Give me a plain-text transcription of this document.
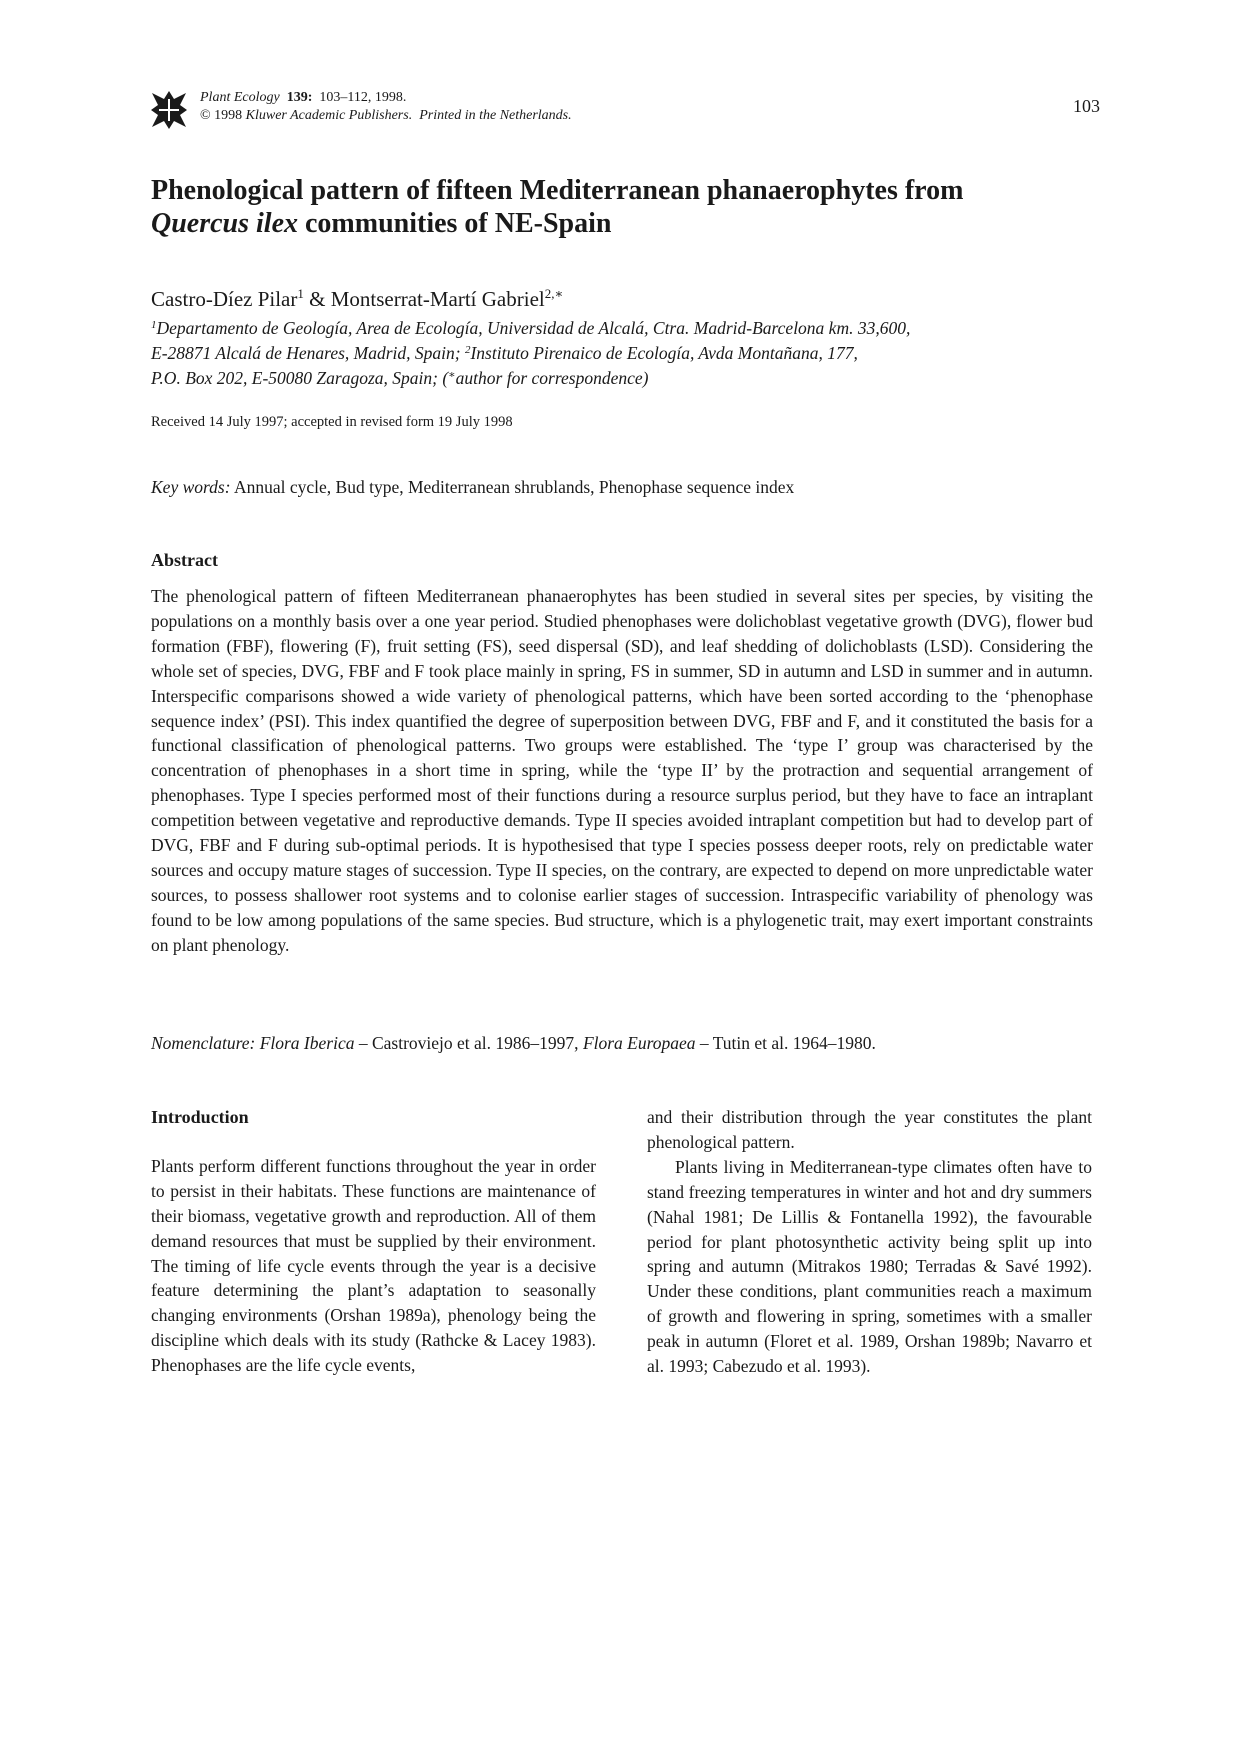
Plant Ecology 139: 103–112, 1998.
© 1998 Kluwer Academic Publishers. Printed in the Netherlands.	103
Phenological pattern of fifteen Mediterranean phanaerophytes from
Quercus ilex communities of NE-Spain
Castro-Díez Pilar$^1$ & Montserrat-Martí Gabriel$^{2,∗}$
$^1$Departamento de Geología, Area de Ecología, Universidad de Alcalá, Ctra. Madrid-Barcelona km. 33,600,
E-28871 Alcalá de Henares, Madrid, Spain; $^2$Instituto Pirenaico de Ecología, Avda Montañana, 177,
P.O. Box 202, E-50080 Zaragoza, Spain; (∗author for correspondence)
Received 14 July 1997; accepted in revised form 19 July 1998
Key words: Annual cycle, Bud type, Mediterranean shrublands, Phenophase sequence index
Abstract

The phenological pattern of fifteen Mediterranean phanaerophytes has been studied in several sites per species, by visiting the populations on a monthly basis over a one year period. Studied phenophases were dolichoblast vegetative growth (DVG), flower bud formation (FBF), flowering (F), fruit setting (FS), seed dispersal (SD), and leaf shedding of dolichoblasts (LSD). Considering the whole set of species, DVG, FBF and F took place mainly in spring, FS in summer, SD in autumn and LSD in summer and in autumn. Interspecific comparisons showed a wide variety of phenological patterns, which have been sorted according to the ‘phenophase sequence index’ (PSI). This index quantified the degree of superposition between DVG, FBF and F, and it constituted the basis for a functional classification of phenological patterns. Two groups were established. The ‘type I’ group was characterised by the concentration of phenophases in a short time in spring, while the ‘type II’ by the protraction and sequential arrangement of phenophases. Type I species performed most of their functions during a resource surplus period, but they have to face an intraplant competition between vegetative and reproductive demands. Type II species avoided intraplant competition but had to develop part of DVG, FBF and F during sub-optimal periods. It is hypothesised that type I species possess deeper roots, rely on predictable water sources and occupy mature stages of succession. Type II species, on the contrary, are expected to depend on more unpredictable water sources, to possess shallower root systems and to colonise earlier stages of succession. Intraspecific variability of phenology was found to be low among populations of the same species. Bud structure, which is a phylogenetic trait, may exert important constraints on plant phenology.

Nomenclature: Flora Iberica – Castroviejo et al. 1986–1997, Flora Europaea – Tutin et al. 1964–1980.
Introduction

Plants perform different functions throughout the year in order to persist in their habitats. These functions are maintenance of their biomass, vegetative growth and reproduction. All of them demand resources that must be supplied by their environment. The timing of life cycle events through the year is a decisive feature determining the plant’s adaptation to seasonally changing environments (Orshan 1989a), phenology being the discipline which deals with its study (Rathcke & Lacey 1983). Phenophases are the life cycle events,

and their distribution through the year constitutes the plant phenological pattern.

Plants living in Mediterranean-type climates often have to stand freezing temperatures in winter and hot and dry summers (Nahal 1981; De Lillis & Fontanella 1992), the favourable period for plant photosynthetic activity being split up into spring and autumn (Mitrakos 1980; Terradas & Savé 1992). Under these conditions, plant communities reach a maximum of growth and flowering in spring, sometimes with a smaller peak in autumn (Floret et al. 1989, Orshan 1989b; Navarro et al. 1993; Cabezudo et al. 1993).
